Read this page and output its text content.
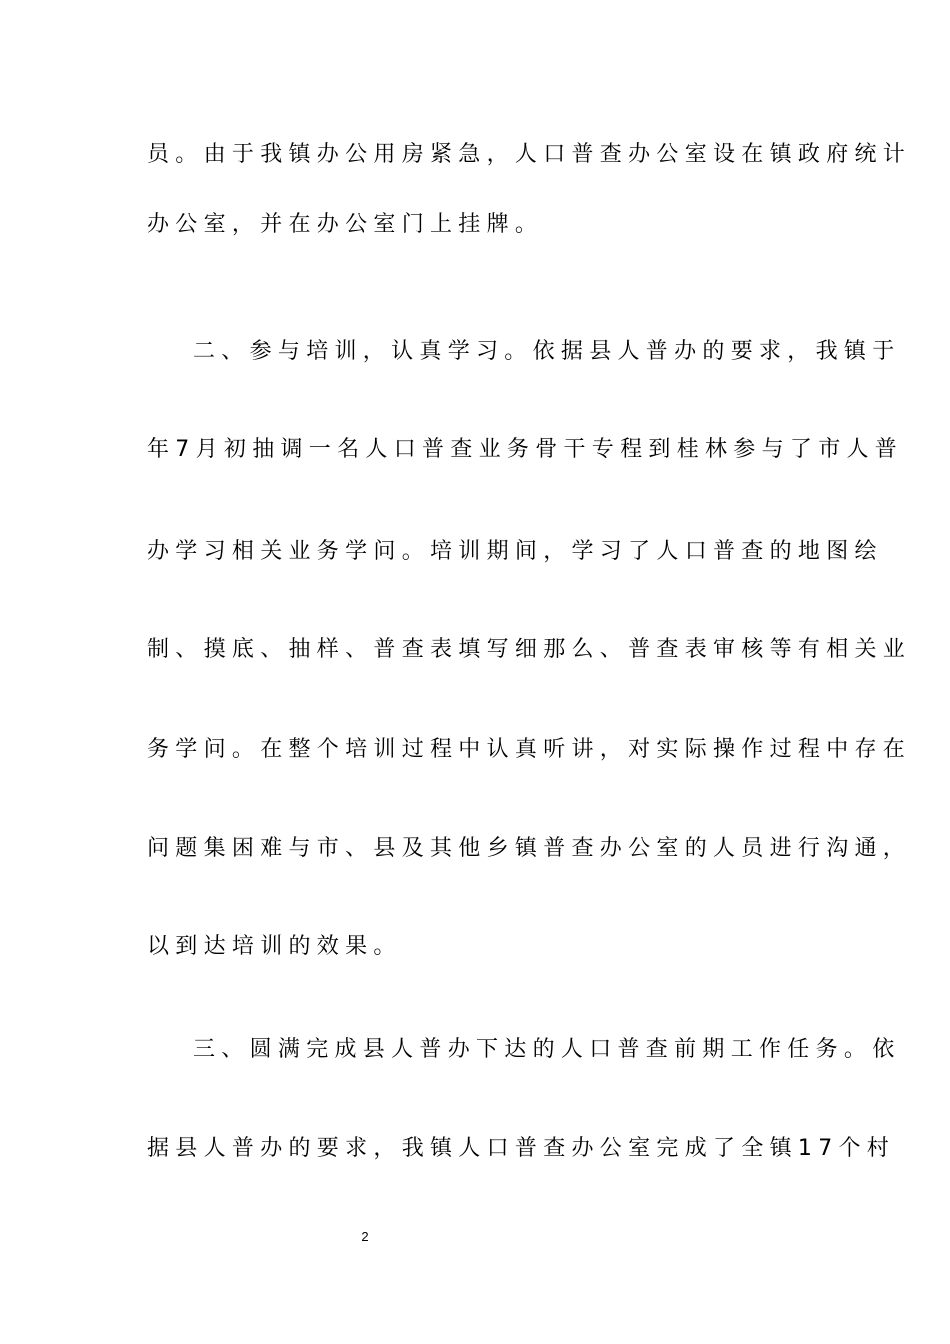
员。由于我镇办公用房紧急，人口普查办公室设在镇政府统计
办公室，并在办公室门上挂牌。
二、参与培训，认真学习。依据县人普办的要求，我镇于
年7月初抽调一名人口普查业务骨干专程到桂林参与了市人普
办学习相关业务学问。培训期间，学习了人口普查的地图绘
制、摸底、抽样、普查表填写细那么、普查表审核等有相关业
务学问。在整个培训过程中认真听讲，对实际操作过程中存在
问题集困难与市、县及其他乡镇普查办公室的人员进行沟通，
以到达培训的效果。
三、圆满完成县人普办下达的人口普查前期工作任务。依
据县人普办的要求，我镇人口普查办公室完成了全镇17个村
2
